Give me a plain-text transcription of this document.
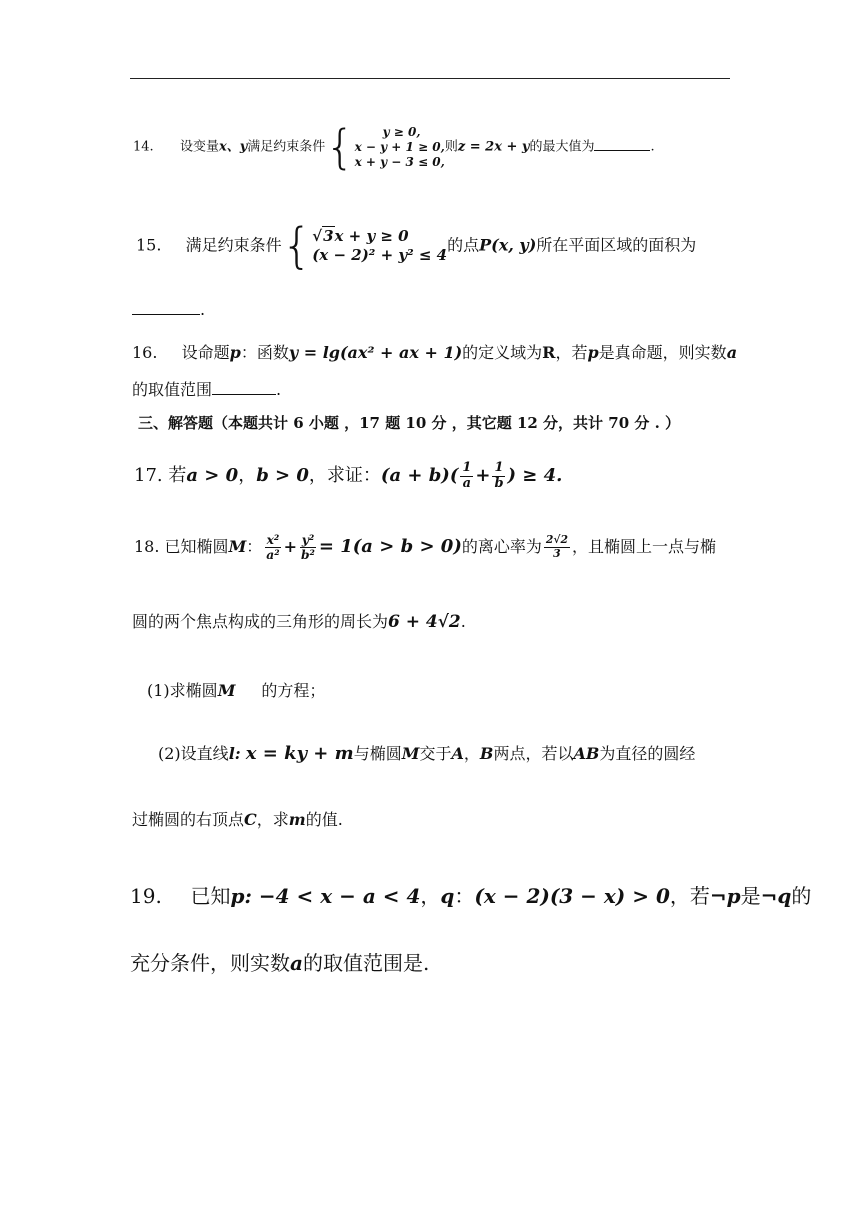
14. 设变量x、y满足约束条件{	y ≥ 0,
x − y + 1 ≥ 0,
x + y − 3 ≤ 0,
则z = 2x + y的最大值为	.
15. 满足约束条件{ √3x + y ≥ 0
(x − 2)² + y² ≤ 4
的点P(x, y)所在平面区域的面积为
.
16. 设命题p：函数y = lg(ax² + ax + 1)的定义域为R，若p是真命题，则实数a
的取值范围	.
三、解答题（本题共计 6 小题 ，17 题 10 分 ，其它题 12 分，共计 70 分 . ）
17. 若a > 0，b > 0，求证：$(a + b)( \frac{1}{a} + \frac{1}{b}$ ) ≥ 4.
18. 已知椭圆M： $\frac{\text{x²}}{\text{a²}} + \frac{\text{y²}}{\text{b²}} = 1(a > b > 0)$的离心率为 $\frac{2√2}{3}$ ，且椭圆上一点与椭
圆的两个焦点构成的三角形的周长为6 + 4√2.
(1)求椭圆M 的方程；
(2)设直线l: x = ky + m与椭圆M交于A，B两点，若以AB为直径的圆经
过椭圆的右顶点C，求m的值.
19. 已知p: −4 < x − a < 4，q：(x − 2)(3 − x) > 0，若¬p是¬q的
充分条件，则实数a的取值范围是.
